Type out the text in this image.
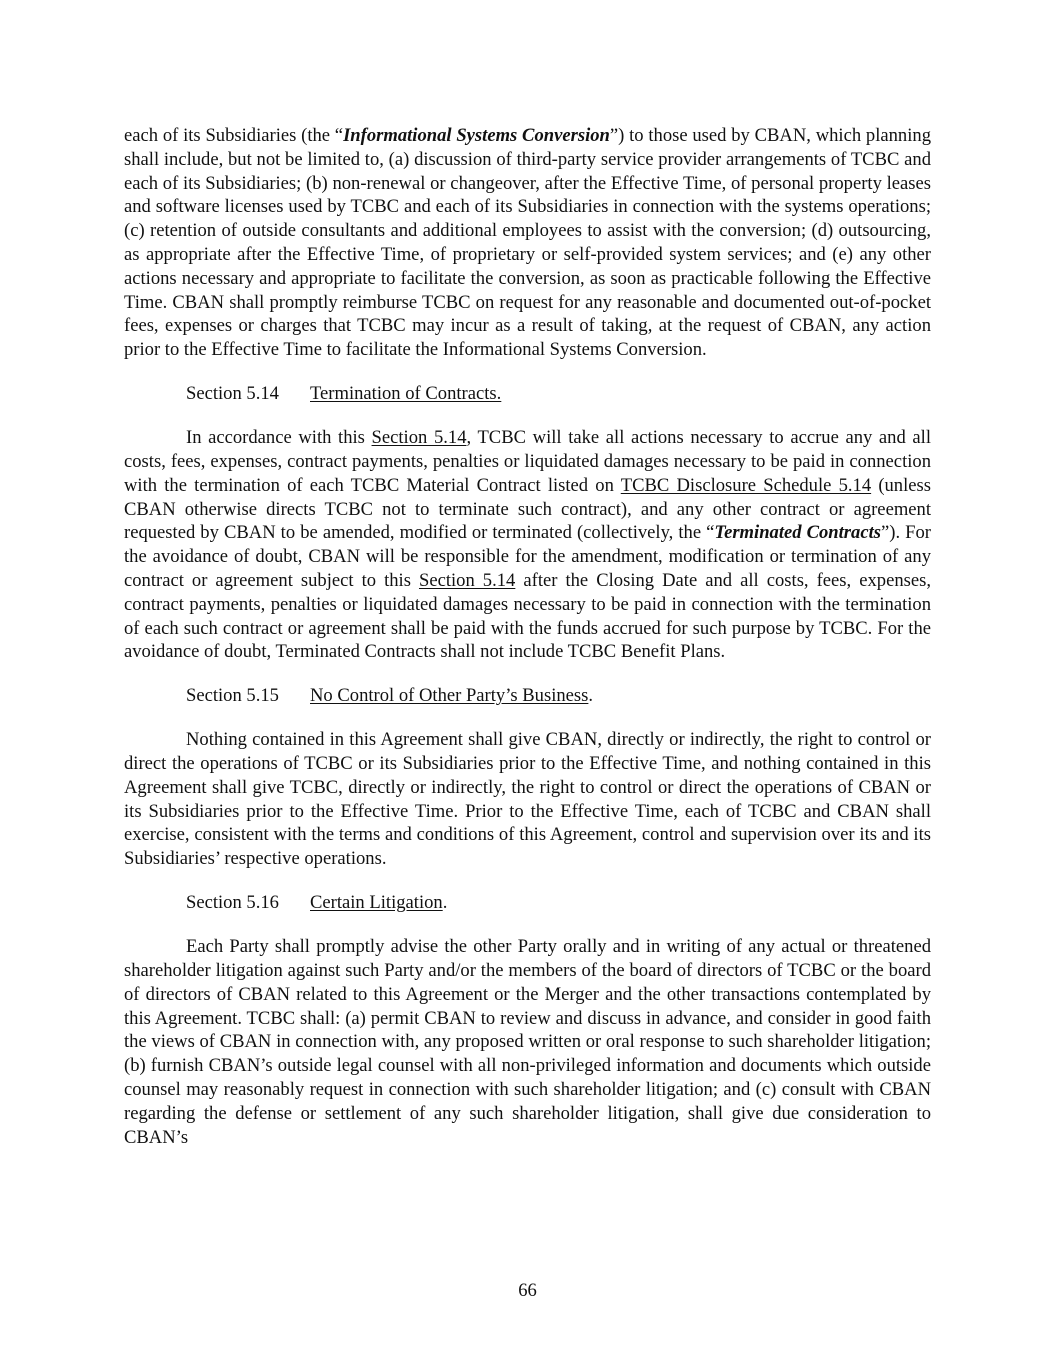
each of its Subsidiaries (the “Informational Systems Conversion”) to those used by CBAN, which planning shall include, but not be limited to, (a) discussion of third-party service provider arrangements of TCBC and each of its Subsidiaries; (b) non-renewal or changeover, after the Effective Time, of personal property leases and software licenses used by TCBC and each of its Subsidiaries in connection with the systems operations; (c) retention of outside consultants and additional employees to assist with the conversion; (d) outsourcing, as appropriate after the Effective Time, of proprietary or self-provided system services; and (e) any other actions necessary and appropriate to facilitate the conversion, as soon as practicable following the Effective Time. CBAN shall promptly reimburse TCBC on request for any reasonable and documented out-of-pocket fees, expenses or charges that TCBC may incur as a result of taking, at the request of CBAN, any action prior to the Effective Time to facilitate the Informational Systems Conversion.

Section 5.14 Termination of Contracts.

In accordance with this Section 5.14, TCBC will take all actions necessary to accrue any and all costs, fees, expenses, contract payments, penalties or liquidated damages necessary to be paid in connection with the termination of each TCBC Material Contract listed on TCBC Disclosure Schedule 5.14 (unless CBAN otherwise directs TCBC not to terminate such contract), and any other contract or agreement requested by CBAN to be amended, modified or terminated (collectively, the “Terminated Contracts”). For the avoidance of doubt, CBAN will be responsible for the amendment, modification or termination of any contract or agreement subject to this Section 5.14 after the Closing Date and all costs, fees, expenses, contract payments, penalties or liquidated damages necessary to be paid in connection with the termination of each such contract or agreement shall be paid with the funds accrued for such purpose by TCBC. For the avoidance of doubt, Terminated Contracts shall not include TCBC Benefit Plans.

Section 5.15 No Control of Other Party’s Business.

Nothing contained in this Agreement shall give CBAN, directly or indirectly, the right to control or direct the operations of TCBC or its Subsidiaries prior to the Effective Time, and nothing contained in this Agreement shall give TCBC, directly or indirectly, the right to control or direct the operations of CBAN or its Subsidiaries prior to the Effective Time. Prior to the Effective Time, each of TCBC and CBAN shall exercise, consistent with the terms and conditions of this Agreement, control and supervision over its and its Subsidiaries’ respective operations.

Section 5.16 Certain Litigation.

Each Party shall promptly advise the other Party orally and in writing of any actual or threatened shareholder litigation against such Party and/or the members of the board of directors of TCBC or the board of directors of CBAN related to this Agreement or the Merger and the other transactions contemplated by this Agreement. TCBC shall: (a) permit CBAN to review and discuss in advance, and consider in good faith the views of CBAN in connection with, any proposed written or oral response to such shareholder litigation; (b) furnish CBAN’s outside legal counsel with all non-privileged information and documents which outside counsel may reasonably request in connection with such shareholder litigation; and (c) consult with CBAN regarding the defense or settlement of any such shareholder litigation, shall give due consideration to CBAN’s

66
